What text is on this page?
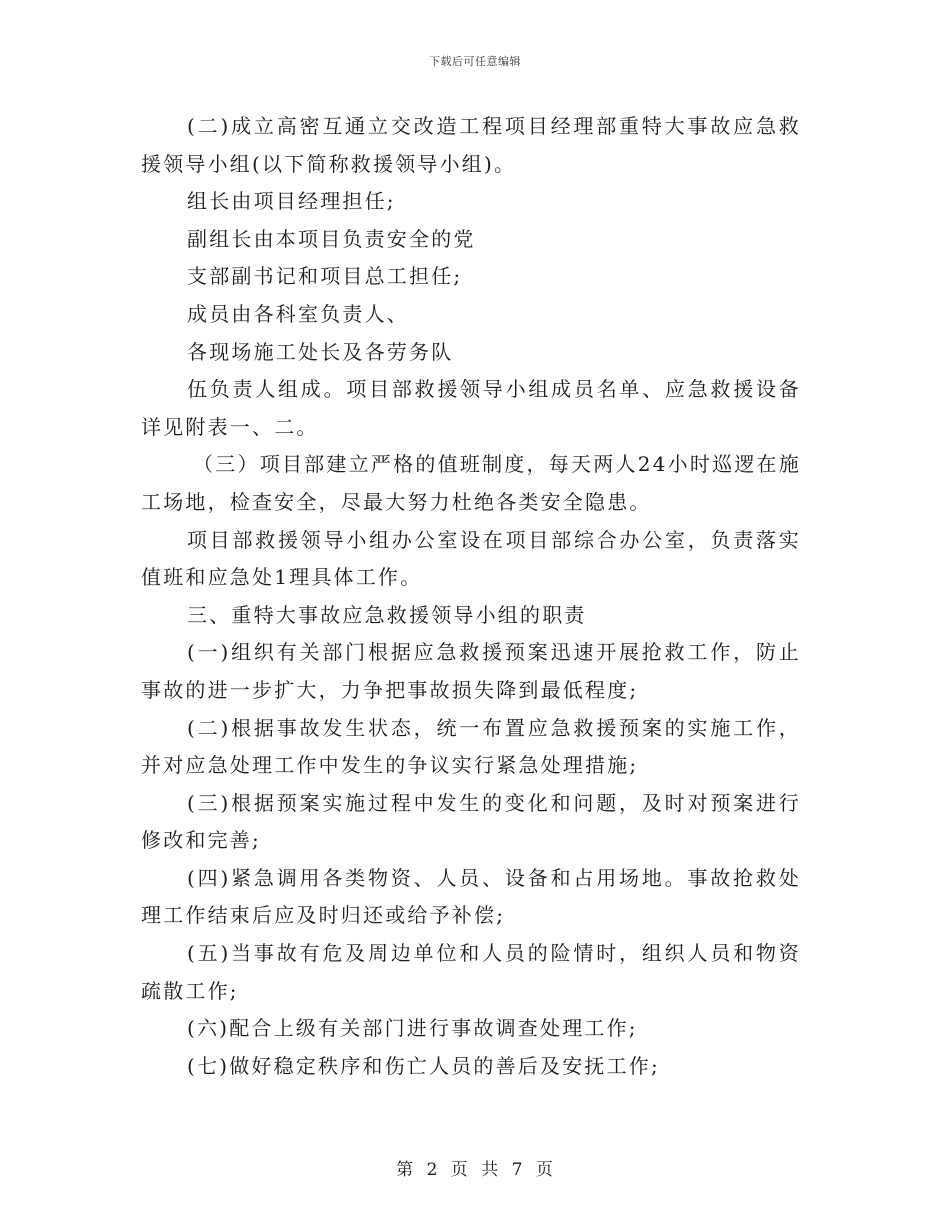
下载后可任意编辑

(二)成立高密互通立交改造工程项目经理部重特大事故应急救援领导小组(以下简称救援领导小组)。

组长由项目经理担任;

副组长由本项目负责安全的党

支部副书记和项目总工担任;

成员由各科室负责人、

各现场施工处长及各劳务队

伍负责人组成。项目部救援领导小组成员名单、应急救援设备详见附表一、二。

（三）项目部建立严格的值班制度，每天两人24小时巡逻在施工场地，检查安全，尽最大努力杜绝各类安全隐患。

项目部救援领导小组办公室设在项目部综合办公室，负责落实值班和应急处1理具体工作。

三、重特大事故应急救援领导小组的职责

(一)组织有关部门根据应急救援预案迅速开展抢救工作，防止事故的进一步扩大，力争把事故损失降到最低程度;

(二)根据事故发生状态，统一布置应急救援预案的实施工作，并对应急处理工作中发生的争议实行紧急处理措施;

(三)根据预案实施过程中发生的变化和问题，及时对预案进行修改和完善;

(四)紧急调用各类物资、人员、设备和占用场地。事故抢救处理工作结束后应及时归还或给予补偿;

(五)当事故有危及周边单位和人员的险情时，组织人员和物资疏散工作;

(六)配合上级有关部门进行事故调查处理工作;

(七)做好稳定秩序和伤亡人员的善后及安抚工作;

第 2 页 共 7 页
